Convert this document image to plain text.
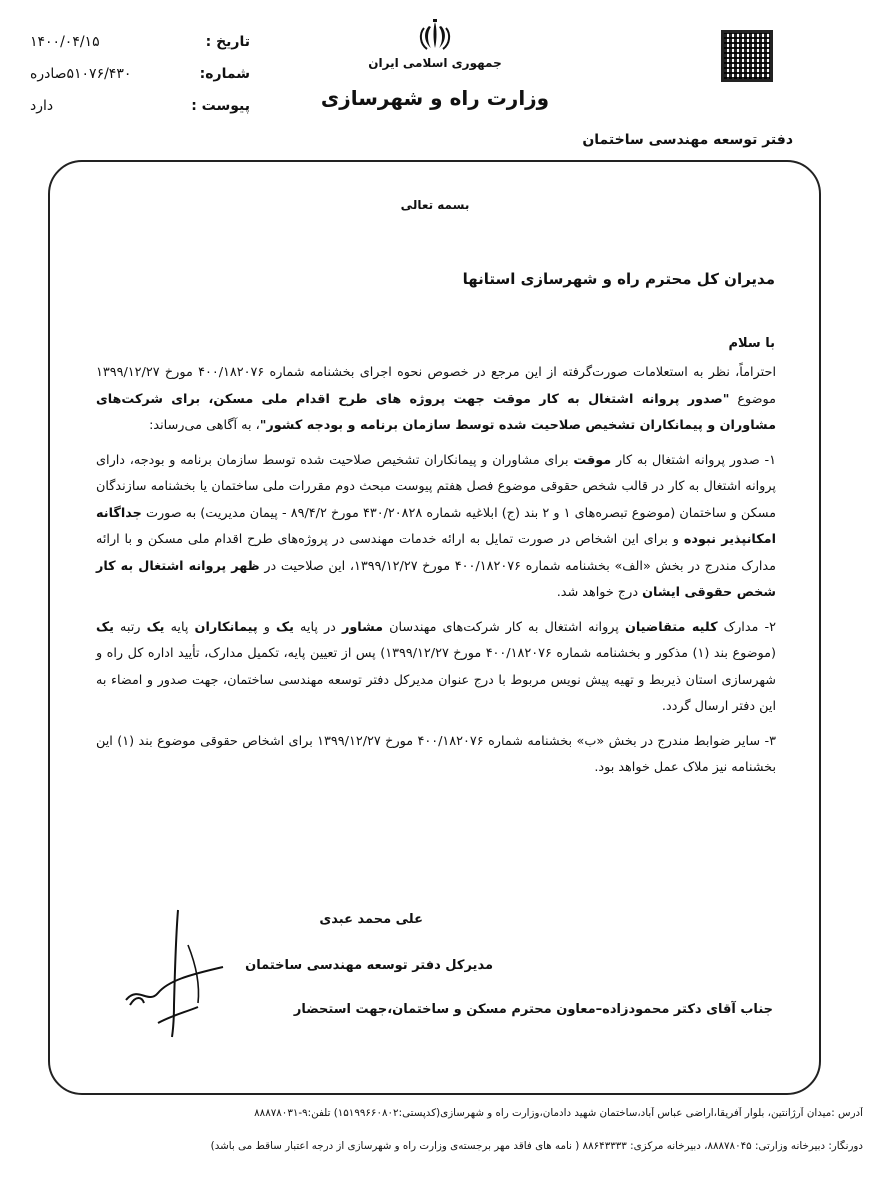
تاریخ :
۱۴۰۰/۰۴/۱۵
شماره:
۵۱۰۷۶/۴۳۰صادره
پیوست :
دارد
جمهوری اسلامی ایران
وزارت راه و شهرسازی
دفتر توسعه مهندسی ساختمان
بسمه تعالی
مدیران کل محترم راه و شهرسازی استانها
با سلام

احتراماً، نظر به استعلامات صورت‌گرفته از این مرجع در خصوص نحوه اجرای بخشنامه شماره ۴۰۰/۱۸۲۰۷۶ مورخ ۱۳۹۹/۱۲/۲۷ موضوع "صدور پروانه اشتغال به کار موقت جهت پروژه های طرح اقدام ملی مسکن، برای شرکت‌های مشاوران و پیمانکاران تشخیص صلاحیت شده توسط سازمان برنامه و بودجه کشور"، به آگاهی می‌رساند:

۱- صدور پروانه اشتغال به کار موقت برای مشاوران و پیمانکاران تشخیص صلاحیت شده توسط سازمان برنامه و بودجه، دارای پروانه اشتغال به کار در قالب شخص حقوقی موضوع فصل هفتم پیوست مبحث دوم مقررات ملی ساختمان یا بخشنامه سازندگان مسکن و ساختمان (موضوع تبصره‌های ۱ و ۲ بند (ج) ابلاغیه شماره ۴۳۰/۲۰۸۲۸ مورخ ۸۹/۴/۲ - پیمان مدیریت) به صورت جداگانه امکانپذیر نبوده و برای این اشخاص در صورت تمایل به ارائه خدمات مهندسی در پروژه‌های طرح اقدام ملی مسکن و با ارائه مدارک مندرج در بخش «الف» بخشنامه شماره ۴۰۰/۱۸۲۰۷۶ مورخ ۱۳۹۹/۱۲/۲۷، این صلاحیت در ظهر پروانه اشتغال به کار شخص حقوقی ایشان درج خواهد شد.

۲- مدارک کلیه متقاضیان پروانه اشتغال به کار شرکت‌های مهندسان مشاور در پایه یک و پیمانکاران پایه یک رتبه یک (موضوع بند (۱) مذکور و بخشنامه شماره ۴۰۰/۱۸۲۰۷۶ مورخ ۱۳۹۹/۱۲/۲۷) پس از تعیین پایه، تکمیل مدارک، تأیید اداره کل راه و شهرسازی استان ذیربط و تهیه پیش نویس مربوط با درج عنوان مدیرکل دفتر توسعه مهندسی ساختمان، جهت صدور و امضاء به این دفتر ارسال گردد.

۳- سایر ضوابط مندرج در بخش «ب» بخشنامه شماره ۴۰۰/۱۸۲۰۷۶ مورخ ۱۳۹۹/۱۲/۲۷ برای اشخاص حقوقی موضوع بند (۱) این بخشنامه نیز ملاک عمل خواهد بود.

علی محمد عبدی
مدیرکل دفتر توسعه مهندسی ساختمان
جناب آقای دکتر محمودزاده–معاون محترم مسکن و ساختمان،جهت استحضار
آدرس :میدان آرژانتین، بلوار آفریقا،اراضی عباس آباد،ساختمان شهید دادمان،وزارت راه و شهرسازی(کدپستی:۱۵۱۹۹۶۶۰۸۰۲) تلفن:۹-۸۸۸۷۸۰۳۱
دورنگار: دبیرخانه وزارتی: ۸۸۸۷۸۰۴۵، دبیرخانه مرکزی: ۸۸۶۴۳۳۳۳ ( نامه های فاقد مهر برجسته‌ی وزارت راه و شهرسازی از درجه اعتبار ساقط می باشد)
